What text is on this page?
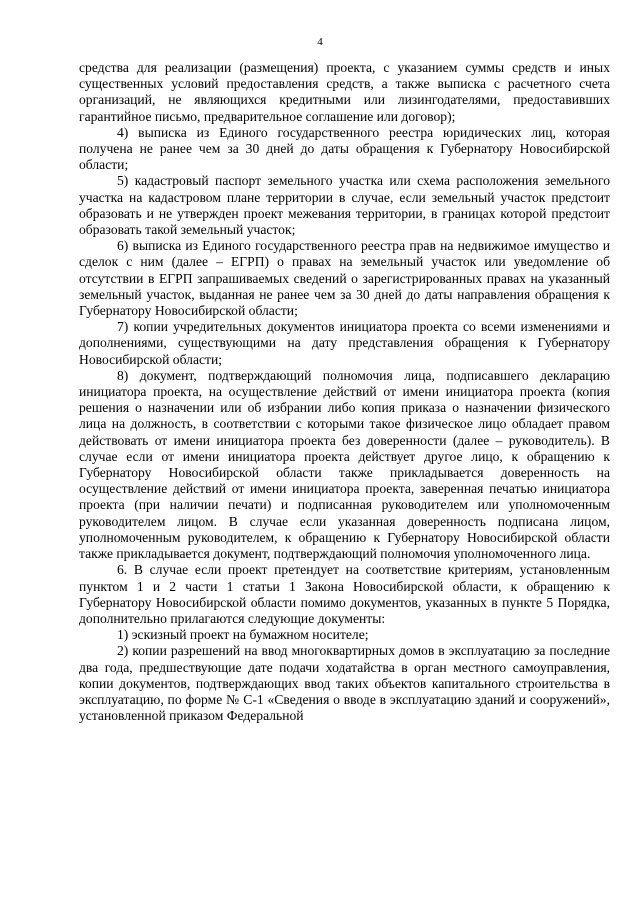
4

средства для реализации (размещения) проекта, с указанием суммы средств и иных существенных условий предоставления средств, а также выписка с расчетного счета организаций, не являющихся кредитными или лизингодателями, предоставивших гарантийное письмо, предварительное соглашение или договор);

4) выписка из Единого государственного реестра юридических лиц, которая получена не ранее чем за 30 дней до даты обращения к Губернатору Новосибирской области;

5) кадастровый паспорт земельного участка или схема расположения земельного участка на кадастровом плане территории в случае, если земельный участок предстоит образовать и не утвержден проект межевания территории, в границах которой предстоит образовать такой земельный участок;

6) выписка из Единого государственного реестра прав на недвижимое имущество и сделок с ним (далее – ЕГРП) о правах на земельный участок или уведомление об отсутствии в ЕГРП запрашиваемых сведений о зарегистрированных правах на указанный земельный участок, выданная не ранее чем за 30 дней до даты направления обращения к Губернатору Новосибирской области;

7) копии учредительных документов инициатора проекта со всеми изменениями и дополнениями, существующими на дату представления обращения к Губернатору Новосибирской области;

8) документ, подтверждающий полномочия лица, подписавшего декларацию инициатора проекта, на осуществление действий от имени инициатора проекта (копия решения о назначении или об избрании либо копия приказа о назначении физического лица на должность, в соответствии с которыми такое физическое лицо обладает правом действовать от имени инициатора проекта без доверенности (далее – руководитель). В случае если от имени инициатора проекта действует другое лицо, к обращению к Губернатору Новосибирской области также прикладывается доверенность на осуществление действий от имени инициатора проекта, заверенная печатью инициатора проекта (при наличии печати) и подписанная руководителем или уполномоченным руководителем лицом. В случае если указанная доверенность подписана лицом, уполномоченным руководителем, к обращению к Губернатору Новосибирской области также прикладывается документ, подтверждающий полномочия уполномоченного лица.

6. В случае если проект претендует на соответствие критериям, установленным пунктом 1 и 2 части 1 статьи 1 Закона Новосибирской области, к обращению к Губернатору Новосибирской области помимо документов, указанных в пункте 5 Порядка, дополнительно прилагаются следующие документы:

1) эскизный проект на бумажном носителе;

2) копии разрешений на ввод многоквартирных домов в эксплуатацию за последние два года, предшествующие дате подачи ходатайства в орган местного самоуправления, копии документов, подтверждающих ввод таких объектов капитального строительства в эксплуатацию, по форме № С-1 «Сведения о вводе в эксплуатацию зданий и сооружений», установленной приказом Федеральной
